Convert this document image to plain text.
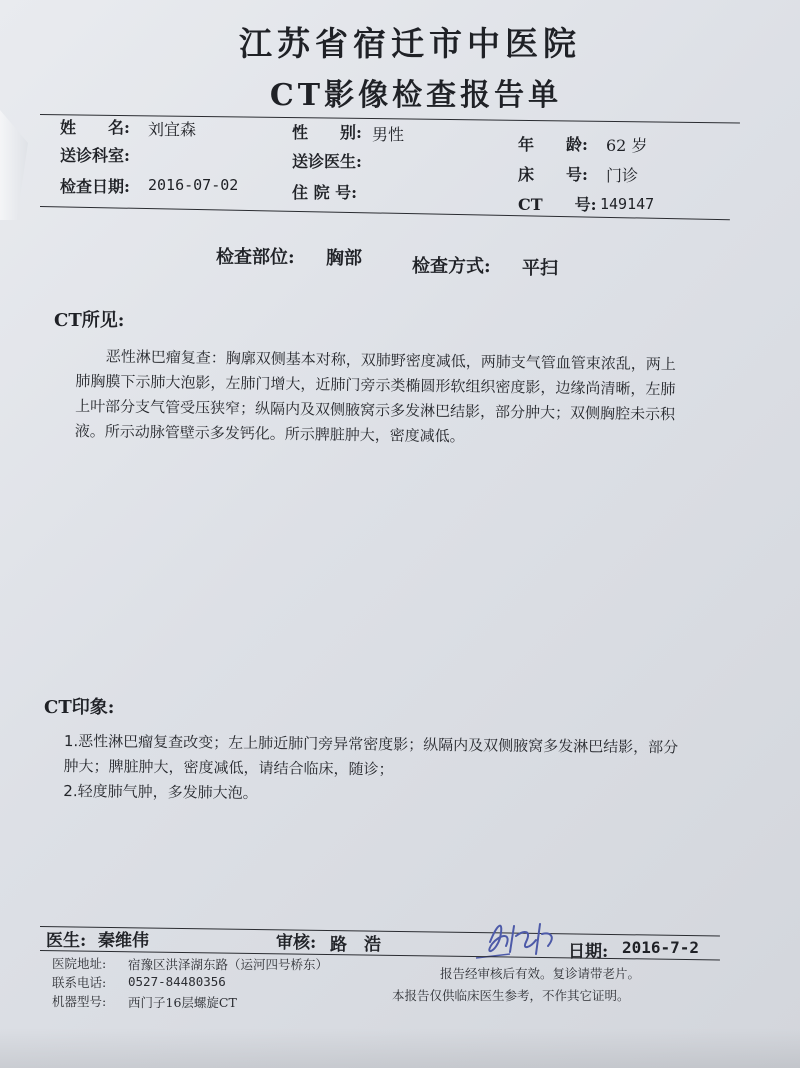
江苏省宿迁市中医院
CT影像检查报告单
姓　　名: 刘宜森	性　　别: 男性
年　　龄: 62 岁
送诊科室:	送诊医生:
床　　号: 门诊
检查日期: 2016-07-02	住 院 号:
CT　　号: 149147
检查部位: 胸部	检查方式: 平扫
CT所见:

恶性淋巴瘤复查：胸廓双侧基本对称，双肺野密度减低，两肺支气管血管束浓乱，两上肺胸膜下示肺大泡影，左肺门增大，近肺门旁示类椭圆形软组织密度影，边缘尚清晰，左肺上叶部分支气管受压狭窄；纵隔内及双侧腋窝示多发淋巴结影，部分肿大；双侧胸腔未示积液。所示动脉管壁示多发钙化。所示脾脏肿大，密度减低。

CT印象:

1.恶性淋巴瘤复查改变；左上肺近肺门旁异常密度影；纵隔内及双侧腋窝多发淋巴结影，部分肿大；脾脏肿大，密度减低，请结合临床，随诊；

2.轻度肺气肿，多发肺大泡。

医生: 秦维伟	审核: 路　浩	日期: 2016-7-2
医院地址: 宿豫区洪泽湖东路（运河四号桥东）
联系电话: 0527-84480356
机器型号: 西门子16层螺旋CT
报告经审核后有效。复诊请带老片。
本报告仅供临床医生参考，不作其它证明。
